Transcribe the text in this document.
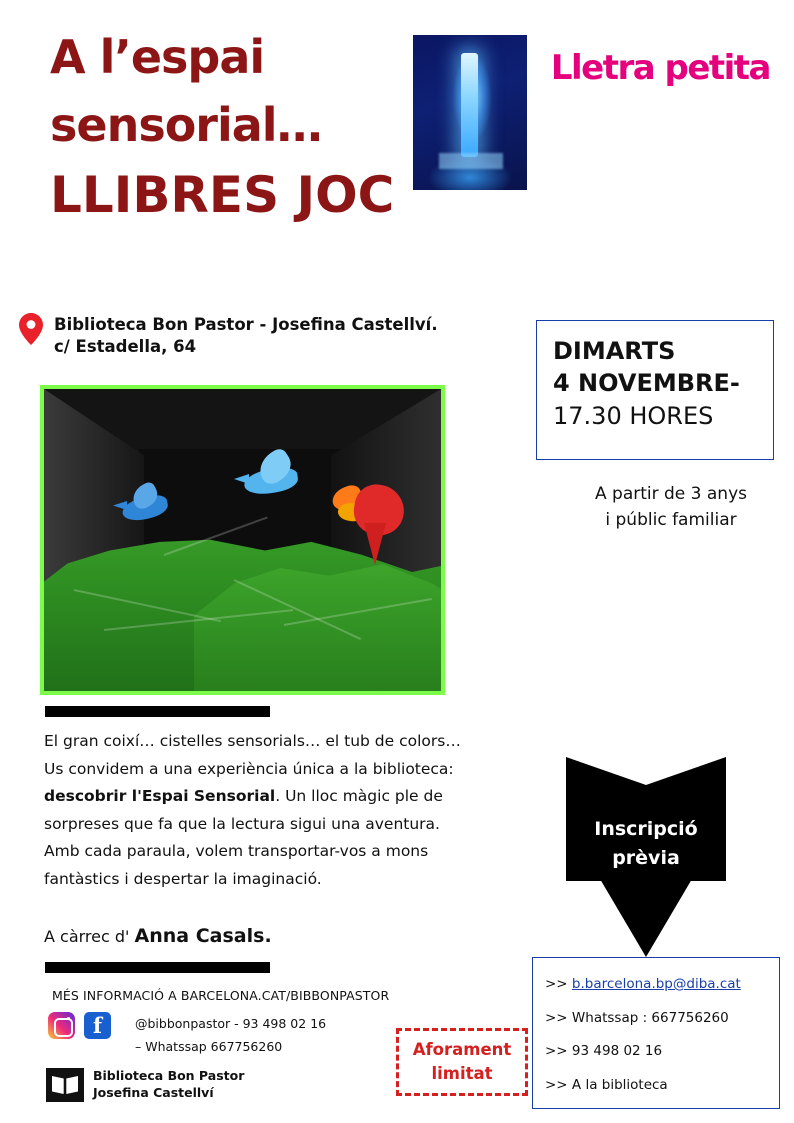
A l’espai
sensorial…
LLIBRES JOC
Lletra petita
Biblioteca Bon Pastor - Josefina Castellví.
c/ Estadella, 64	DIMARTS
4 NOVEMBRE-
17.30 HORES
A partir de 3 anys
i públic familiar
El gran coixí… cistelles sensorials… el tub de colors…
Us convidem a una experiència única a la biblioteca:
descobrir l'Espai Sensorial. Un lloc màgic ple de
sorpreses que fa que la lectura sigui una aventura.
Amb cada paraula, volem transportar-vos a mons
fantàstics i despertar la imaginació.
A càrrec d' Anna Casals.
Inscripció
prèvia
>> b.barcelona.bp@diba.cat
>> Whatssap : 667756260
>> 93 498 02 16
>> A la biblioteca
Aforament
limitat
MÉS INFORMACIÓ A BARCELONA.CAT/BIBBONPASTOR
f	@bibbonpastor - 93 498 02 16
– Whatssap 667756260
Biblioteca Bon Pastor
Josefina Castellví
